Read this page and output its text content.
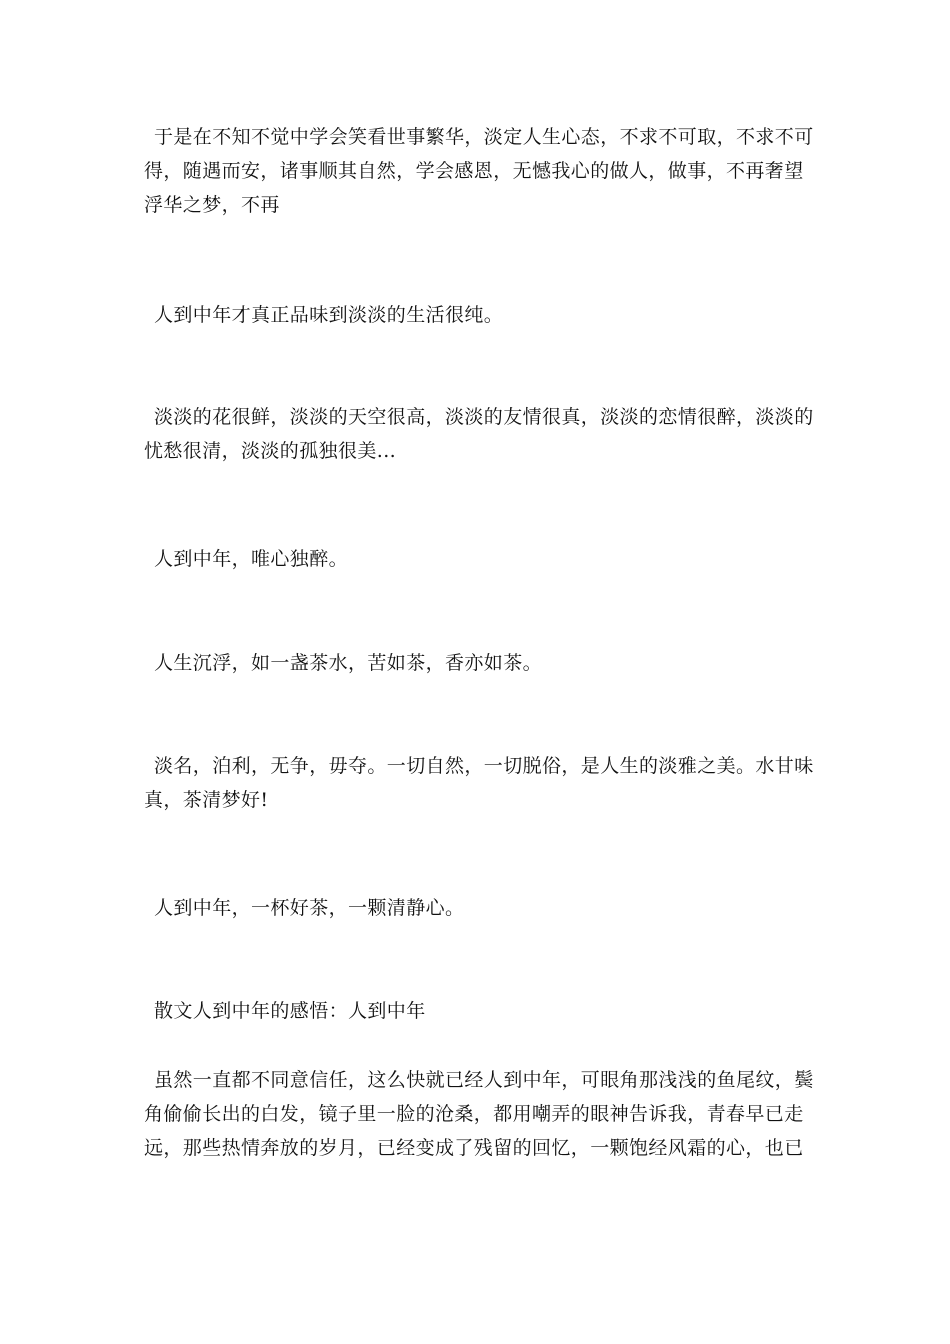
于是在不知不觉中学会笑看世事繁华，淡定人生心态，不求不可取，不求不可得，随遇而安，诸事顺其自然，学会感恩，无憾我心的做人，做事，不再奢望浮华之梦，不再

人到中年才真正品味到淡淡的生活很纯。

淡淡的花很鲜，淡淡的天空很高，淡淡的友情很真，淡淡的恋情很醉，淡淡的忧愁很清，淡淡的孤独很美...

人到中年，唯心独醉。

人生沉浮，如一盏茶水，苦如茶，香亦如茶。

淡名，泊利，无争，毋夺。一切自然，一切脱俗，是人生的淡雅之美。水甘味真，茶清梦好!

人到中年，一杯好茶，一颗清静心。

散文人到中年的感悟：人到中年

虽然一直都不同意信任，这么快就已经人到中年，可眼角那浅浅的鱼尾纹，鬓角偷偷长出的白发，镜子里一脸的沧桑，都用嘲弄的眼神告诉我，青春早已走远，那些热情奔放的岁月，已经变成了残留的回忆，一颗饱经风霜的心，也已
